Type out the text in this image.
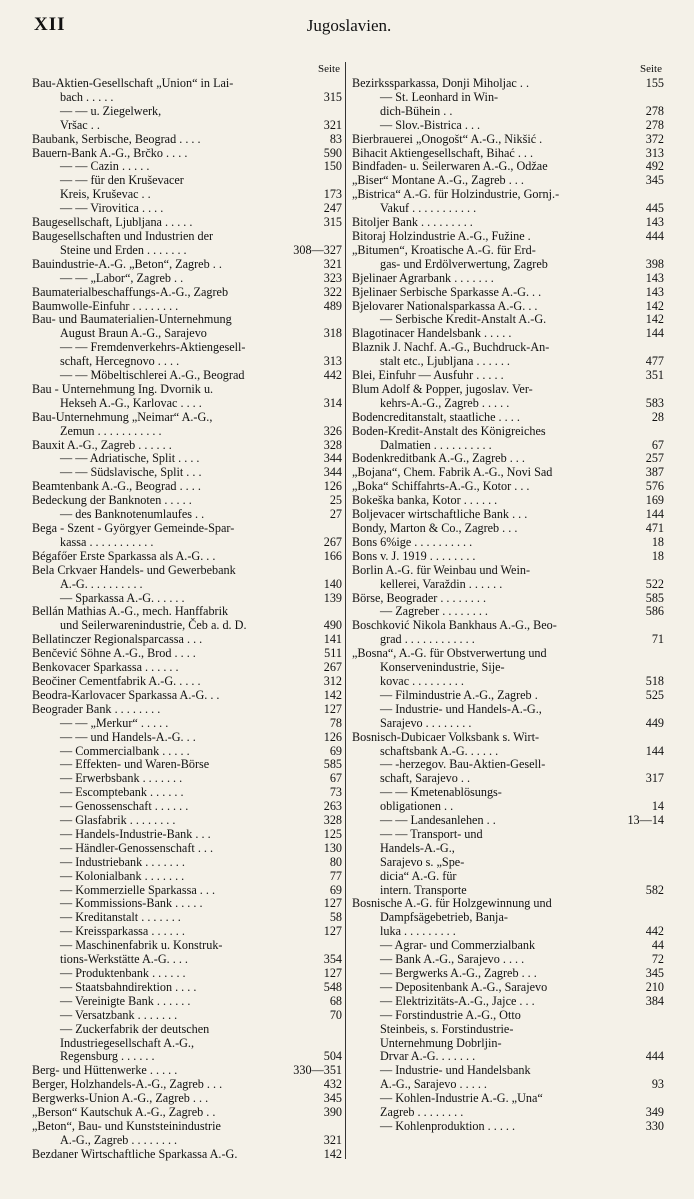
XII	Jugoslavien.
Seite
Bau-Aktien-Gesellschaft „Union“ in Lai-
bach . . . . .	315
— — u. Ziegelwerk,
Vršac . .	321
Baubank, Serbische, Beograd . . . .	83
Bauern-Bank A.-G., Brčko . . . .	590
— — Cazin . . . . .	150
— — für den Kruševacer
Kreis, Kruševac . .	173
— — Virovitica . . . .	247
Baugesellschaft, Ljubljana . . . . .	315
Baugesellschaften und Industrien der
Steine und Erden . . . . . . .	308—327
Bauindustrie-A.-G. „Beton“, Zagreb . .	321
— — „Labor“, Zagreb . .	323
Baumaterialbeschaffungs-A.-G., Zagreb	322
Baumwolle-Einfuhr . . . . . . . .	489
Bau- und Baumaterialien-Unternehmung
August Braun A.-G., Sarajevo	318
— — Fremdenverkehrs-Aktiengesell-
schaft, Hercegnovo . . . .	313
— — Möbeltischlerei A.-G., Beograd	442
Bau - Unternehmung Ing. Dvornik u.
Hekseh A.-G., Karlovac . . . .	314
Bau-Unternehmung „Neimar“ A.-G.,
Zemun . . . . . . . . . . .	326
Bauxit A.-G., Zagreb . . . . . .	328
— — Adriatische, Split . . . .	344
— — Südslavische, Split . . .	344
Beamtenbank A.-G., Beograd . . . .	126
Bedeckung der Banknoten . . . . .	25
— des Banknotenumlaufes . .	27
Bega - Szent - Györgyer Gemeinde-Spar-
kassa . . . . . . . . . . .	267
Bégafőer Erste Sparkassa als A.-G. . .	166
Bela Crkvaer Handels- und Gewerbebank
A.-G. . . . . . . . . .	140
— Sparkassa A.-G. . . . . .	139
Bellán Mathias A.-G., mech. Hanffabrik
und Seilerwarenindustrie, Čeb a. d. D.	490
Bellatinczer Regionalsparcassa . . .	141
Benčević Söhne A.-G., Brod . . . .	511
Benkovacer Sparkassa . . . . . .	267
Beočiner Cementfabrik A.-G. . . . .	312
Beodra-Karlovacer Sparkassa A.-G. . .	142
Beograder Bank . . . . . . . .	127
— — „Merkur“ . . . . .	78
— — und Handels-A.-G. . .	126
— Commercialbank . . . . .	69
— Effekten- und Waren-Börse	585
— Erwerbsbank . . . . . . .	67
— Escomptebank . . . . . .	73
— Genossenschaft . . . . . .	263
— Glasfabrik . . . . . . . .	328
— Handels-Industrie-Bank . . .	125
— Händler-Genossenschaft . . .	130
— Industriebank . . . . . . .	80
— Kolonialbank . . . . . . .	77
— Kommerzielle Sparkassa . . .	69
— Kommissions-Bank . . . . .	127
— Kreditanstalt . . . . . . .	58
— Kreissparkassa . . . . . .	127
— Maschinenfabrik u. Konstruk-
tions-Werkstätte A.-G. . . .	354
— Produktenbank . . . . . .	127
— Staatsbahndirektion . . . .	548
— Vereinigte Bank . . . . . .	68
— Versatzbank . . . . . . .	70
— Zuckerfabrik der deutschen
Industriegesellschaft A.-G.,
Regensburg . . . . . .	504
Berg- und Hüttenwerke . . . . .	330—351
Berger, Holzhandels-A.-G., Zagreb . . .	432
Bergwerks-Union A.-G., Zagreb . . .	345
„Berson“ Kautschuk A.-G., Zagreb . .	390
„Beton“, Bau- und Kunststeinindustrie
A.-G., Zagreb . . . . . . . .	321
Bezdaner Wirtschaftliche Sparkassa A.-G.	142
Seite
Bezirkssparkassa, Donji Miholjac . .	155
— St. Leonhard in Win-
dich-Bühein . .	278
— Slov.-Bistrica . . .	278
Bierbrauerei „Onogošt“ A.-G., Nikšić .	372
Bihacit Aktiengesellschaft, Bihać . . .	313
Bindfaden- u. Seilerwaren A.-G., Odžae	492
„Biser“ Montane A.-G., Zagreb . . .	345
„Bistrica“ A.-G. für Holzindustrie, Gornj.-
Vakuf . . . . . . . . . . .	445
Bitoljer Bank . . . . . . . . .	143
Bitoraj Holzindustrie A.-G., Fužine .	444
„Bitumen“, Kroatische A.-G. für Erd-
gas- und Erdölverwertung, Zagreb	398
Bjelinaer Agrarbank . . . . . . .	143
Bjelinaer Serbische Sparkasse A.-G. . .	143
Bjelovarer Nationalsparkassa A.-G. . .	142
— Serbische Kredit-Anstalt A.-G.	142
Blagotinacer Handelsbank . . . . .	144
Blaznik J. Nachf. A.-G., Buchdruck-An-
stalt etc., Ljubljana . . . . . .	477
Blei, Einfuhr — Ausfuhr . . . . .	351
Blum Adolf & Popper, jugoslav. Ver-
kehrs-A.-G., Zagreb . . . . .	583
Bodencreditanstalt, staatliche . . . .	28
Boden-Kredit-Anstalt des Königreiches
Dalmatien . . . . . . . . . .	67
Bodenkreditbank A.-G., Zagreb . . .	257
„Bojana“, Chem. Fabrik A.-G., Novi Sad	387
„Boka“ Schiffahrts-A.-G., Kotor . . .	576
Bokeška banka, Kotor . . . . . .	169
Boljevacer wirtschaftliche Bank . . .	144
Bondy, Marton & Co., Zagreb . . .	471
Bons 6%ige . . . . . . . . . .	18
Bons v. J. 1919 . . . . . . . .	18
Borlin A.-G. für Weinbau und Wein-
kellerei, Varaždin . . . . . .	522
Börse, Beograder . . . . . . . .	585
— Zagreber . . . . . . . .	586
Boschković Nikola Bankhaus A.-G., Beo-
grad . . . . . . . . . . . .	71
„Bosna“, A.-G. für Obstverwertung und
Konservenindustrie, Sije-
kovac . . . . . . . . .	518
— Filmindustrie A.-G., Zagreb .	525
— Industrie- und Handels-A.-G.,
Sarajevo . . . . . . . .	449
Bosnisch-Dubicaer Volksbank s. Wirt-
schaftsbank A.-G. . . . . .	144
— -herzegov. Bau-Aktien-Gesell-
schaft, Sarajevo . .	317
— — Kmetenablösungs-
obligationen . .	14
— — Landesanlehen . .	13—14
— — Transport- und
Handels-A.-G.,
Sarajevo s. „Spe-
dicia“ A.-G. für
intern. Transporte	582
Bosnische A.-G. für Holzgewinnung und
Dampfsägebetrieb, Banja-
luka . . . . . . . . .	442
— Agrar- und Commerzialbank	44
— Bank A.-G., Sarajevo . . . .	72
— Bergwerks A.-G., Zagreb . . .	345
— Depositenbank A.-G., Sarajevo	210
— Elektrizitäts-A.-G., Jajce . . .	384
— Forstindustrie A.-G., Otto
Steinbeis, s. Forstindustrie-
Unternehmung Dobrljin-
Drvar A.-G. . . . . . .	444
— Industrie- und Handelsbank
A.-G., Sarajevo . . . . .	93
— Kohlen-Industrie A.-G. „Una“
Zagreb . . . . . . . .	349
— Kohlenproduktion . . . . .	330
